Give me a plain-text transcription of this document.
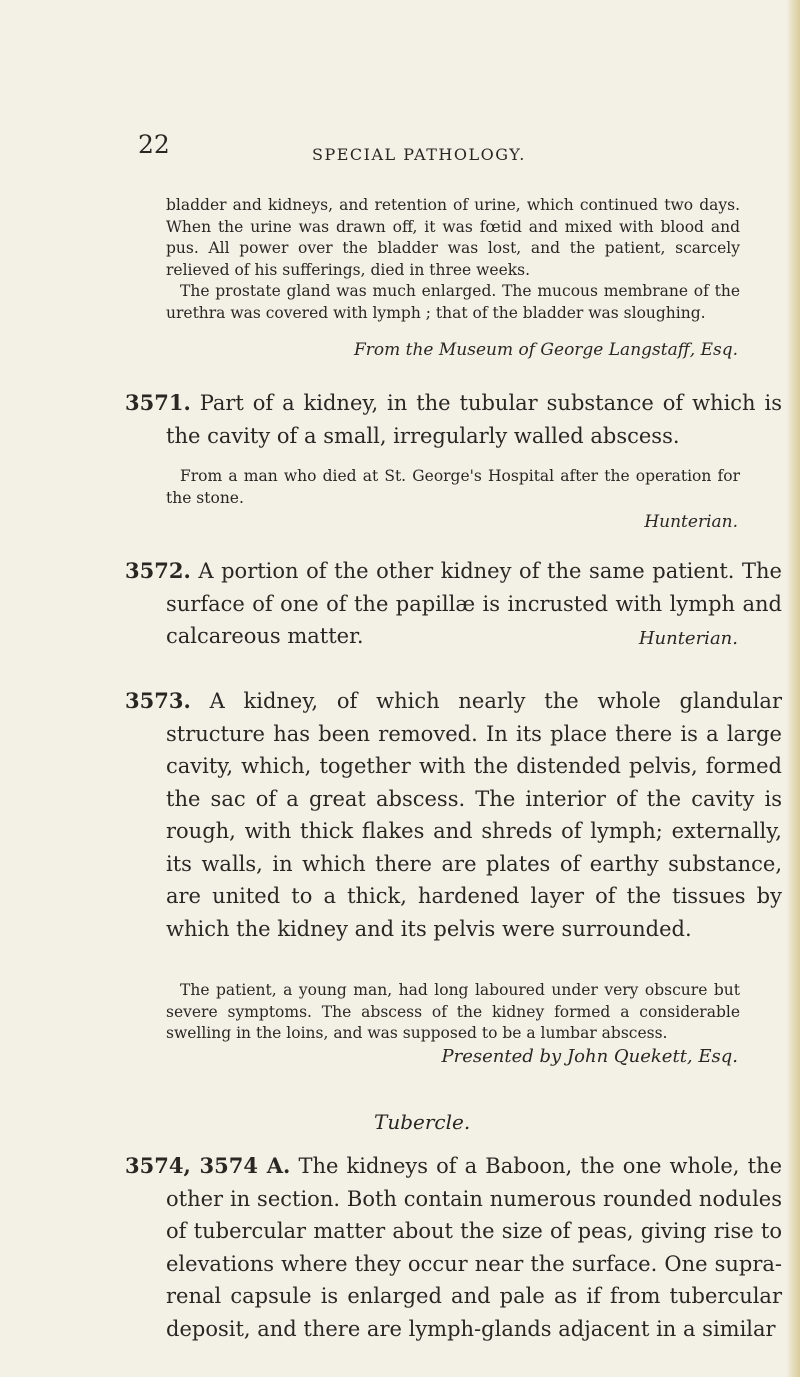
22	SPECIAL PATHOLOGY.

bladder and kidneys, and retention of urine, which continued two days. When the urine was drawn off, it was fœtid and mixed with blood and pus. All power over the bladder was lost, and the patient, scarcely relieved of his sufferings, died in three weeks.

The prostate gland was much enlarged. The mucous membrane of the urethra was covered with lymph ; that of the bladder was sloughing.

From the Museum of George Langstaff, Esq.
3571. Part of a kidney, in the tubular substance of which is the cavity of a small, irregularly walled abscess.
From a man who died at St. George's Hospital after the operation for the stone.
Hunterian.
3572. A portion of the other kidney of the same patient. The surface of one of the papillæ is incrusted with lymph and calcareous matter.	Hunterian.
3573. A kidney, of which nearly the whole glandular structure has been removed. In its place there is a large cavity, which, together with the distended pelvis, formed the sac of a great abscess. The interior of the cavity is rough, with thick flakes and shreds of lymph; externally, its walls, in which there are plates of earthy substance, are united to a thick, hardened layer of the tissues by which the kidney and its pelvis were surrounded.
The patient, a young man, had long laboured under very obscure but severe symptoms. The abscess of the kidney formed a considerable swelling in the loins, and was supposed to be a lumbar abscess.
Presented by John Quekett, Esq.
Tubercle.
3574, 3574 A. The kidneys of a Baboon, the one whole, the other in section. Both contain numerous rounded nodules of tubercular matter about the size of peas, giving rise to elevations where they occur near the surface. One supra-renal capsule is enlarged and pale as if from tubercular deposit, and there are lymph-glands adjacent in a similar
